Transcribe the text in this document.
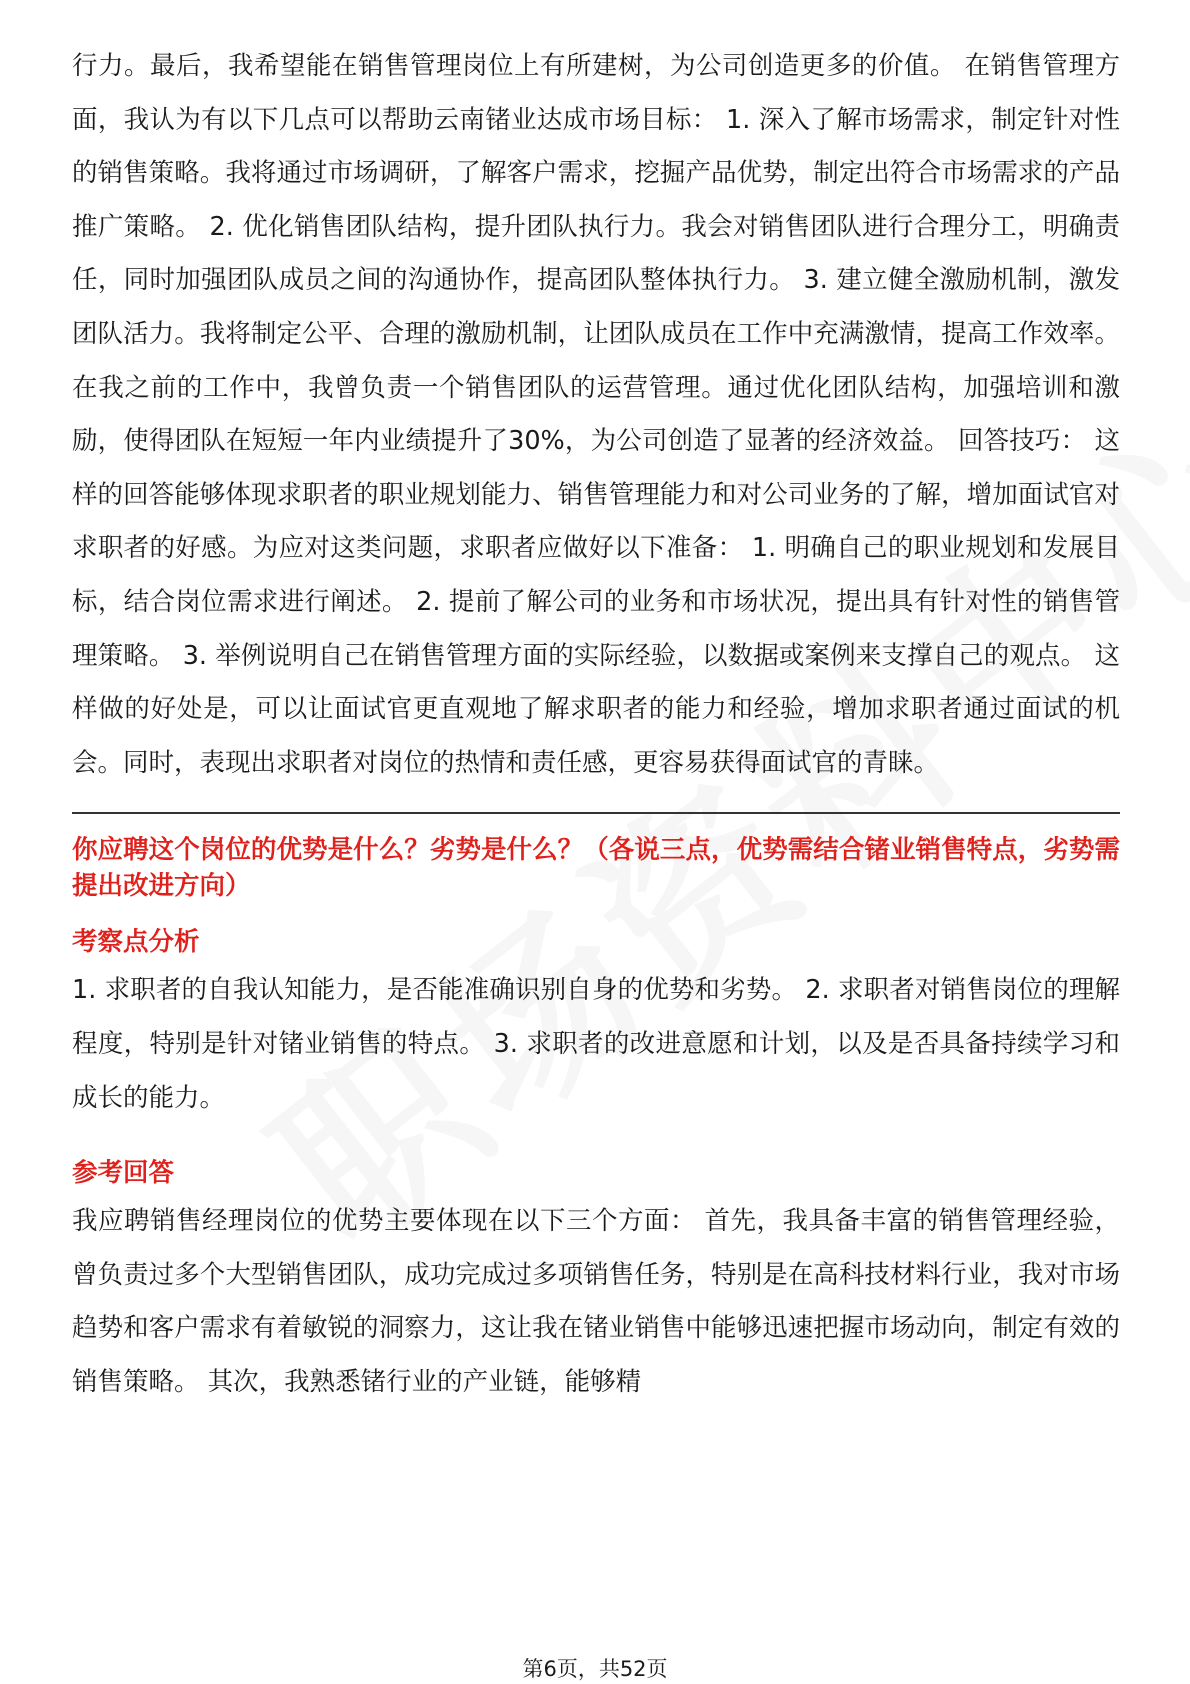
行力。最后，我希望能在销售管理岗位上有所建树，为公司创造更多的价值。 在销售管理方面，我认为有以下几点可以帮助云南锗业达成市场目标： 1. 深入了解市场需求，制定针对性的销售策略。我将通过市场调研，了解客户需求，挖掘产品优势，制定出符合市场需求的产品推广策略。 2. 优化销售团队结构，提升团队执行力。我会对销售团队进行合理分工，明确责任，同时加强团队成员之间的沟通协作，提高团队整体执行力。 3. 建立健全激励机制，激发团队活力。我将制定公平、合理的激励机制，让团队成员在工作中充满激情，提高工作效率。 在我之前的工作中，我曾负责一个销售团队的运营管理。通过优化团队结构，加强培训和激励，使得团队在短短一年内业绩提升了30%，为公司创造了显著的经济效益。 回答技巧： 这样的回答能够体现求职者的职业规划能力、销售管理能力和对公司业务的了解，增加面试官对求职者的好感。为应对这类问题，求职者应做好以下准备： 1. 明确自己的职业规划和发展目标，结合岗位需求进行阐述。 2. 提前了解公司的业务和市场状况，提出具有针对性的销售管理策略。 3. 举例说明自己在销售管理方面的实际经验，以数据或案例来支撑自己的观点。 这样做的好处是，可以让面试官更直观地了解求职者的能力和经验，增加求职者通过面试的机会。同时，表现出求职者对岗位的热情和责任感，更容易获得面试官的青睐。

你应聘这个岗位的优势是什么？劣势是什么？（各说三点，优势需结合锗业销售特点，劣势需提出改进方向）

考察点分析

1. 求职者的自我认知能力，是否能准确识别自身的优势和劣势。 2. 求职者对销售岗位的理解程度，特别是针对锗业销售的特点。 3. 求职者的改进意愿和计划，以及是否具备持续学习和成长的能力。

参考回答

我应聘销售经理岗位的优势主要体现在以下三个方面： 首先，我具备丰富的销售管理经验，曾负责过多个大型销售团队，成功完成过多项销售任务，特别是在高科技材料行业，我对市场趋势和客户需求有着敏锐的洞察力，这让我在锗业销售中能够迅速把握市场动向，制定有效的销售策略。 其次，我熟悉锗行业的产业链，能够精

第6页，共52页
